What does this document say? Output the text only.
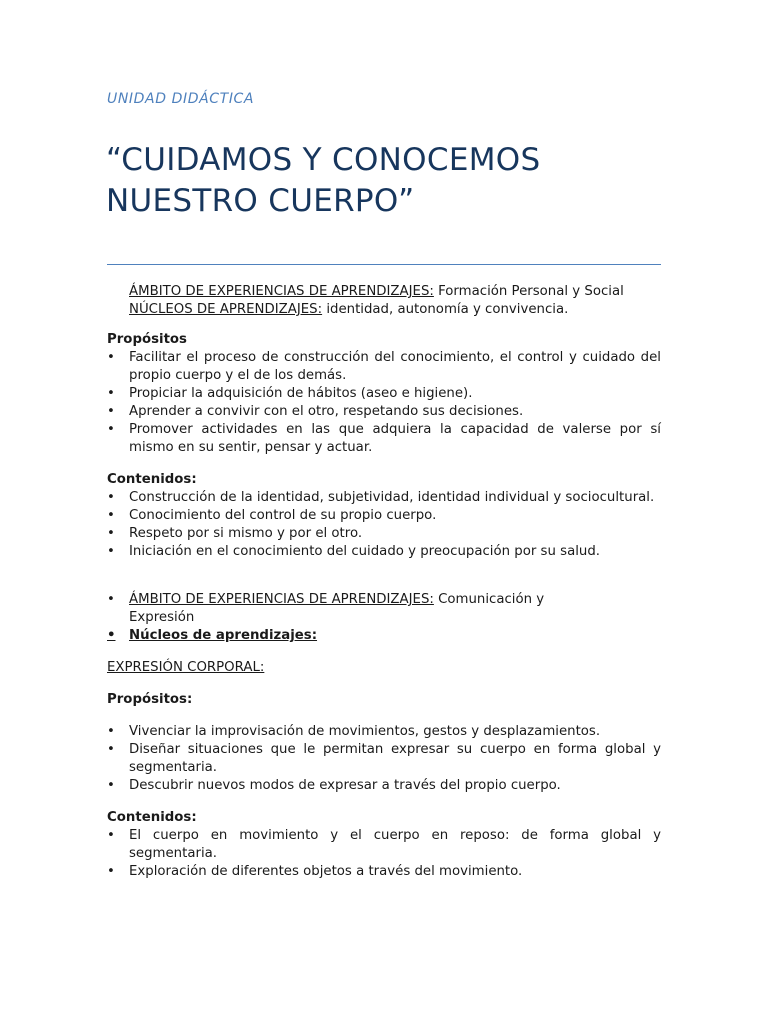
UNIDAD DIDÁCTICA
“CUIDAMOS Y CONOCEMOS NUESTRO CUERPO”
ÁMBITO DE EXPERIENCIAS DE APRENDIZAJES: Formación Personal y Social
NÚCLEOS DE APRENDIZAJES: identidad, autonomía y convivencia.
Propósitos
• Facilitar el proceso de construcción del conocimiento, el control y cuidado del propio cuerpo y el de los demás.
• Propiciar la adquisición de hábitos (aseo e higiene).
• Aprender a convivir con el otro, respetando sus decisiones.
• Promover actividades en las que adquiera la capacidad de valerse por sí mismo en su sentir, pensar y actuar.
Contenidos:
• Construcción de la identidad, subjetividad, identidad individual y sociocultural.
• Conocimiento del control de su propio cuerpo.
• Respeto por si mismo y por el otro.
• Iniciación en el conocimiento del cuidado y preocupación por su salud.
• ÁMBITO DE EXPERIENCIAS DE APRENDIZAJES: Comunicación y Expresión
• Núcleos de aprendizajes:
EXPRESIÓN CORPORAL:
Propósitos:
• Vivenciar la improvisación de movimientos, gestos y desplazamientos.
• Diseñar situaciones que le permitan expresar su cuerpo en forma global y segmentaria.
• Descubrir nuevos modos de expresar a través del propio cuerpo.
Contenidos:
• El cuerpo en movimiento y el cuerpo en reposo: de forma global y segmentaria.
• Exploración de diferentes objetos a través del movimiento.
